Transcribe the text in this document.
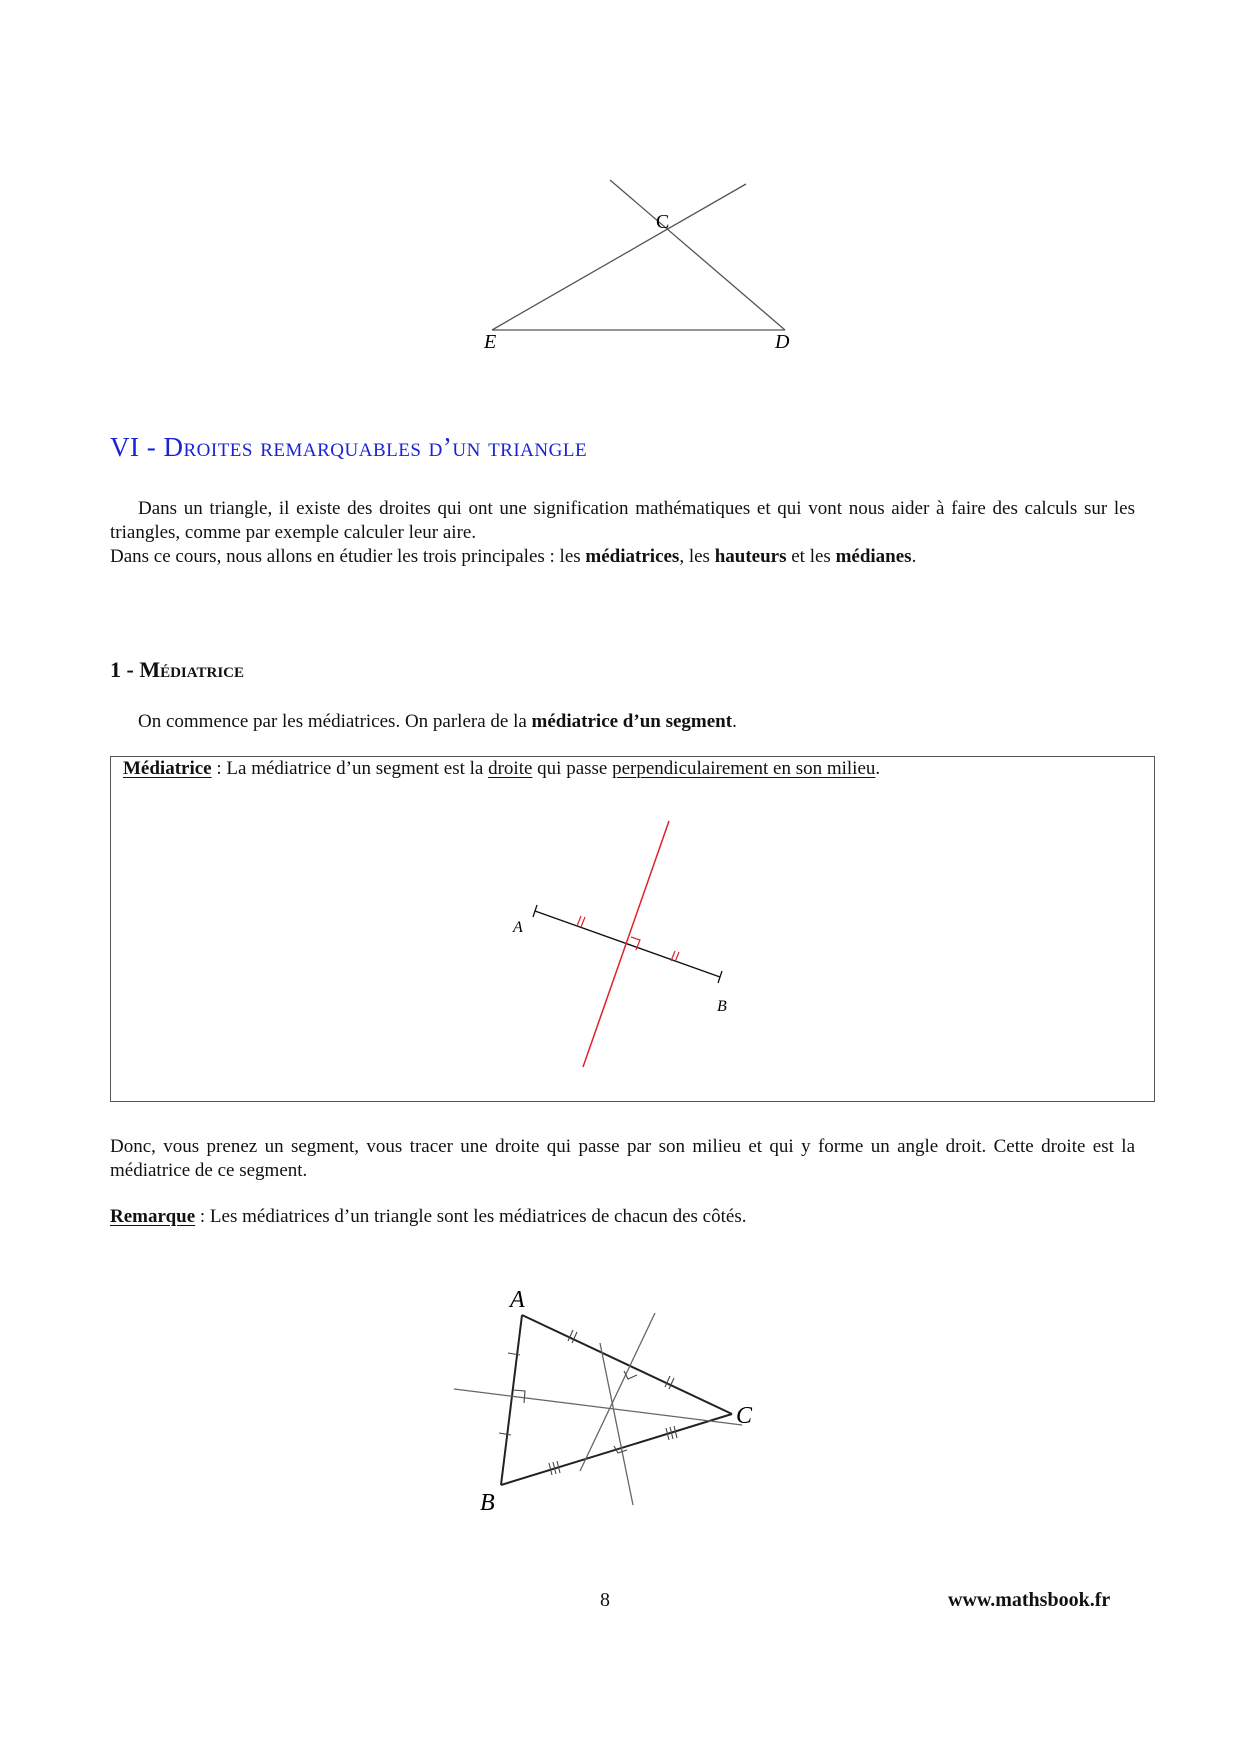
C
E	D
VI - Droites remarquables d’un triangle
Dans un triangle, il existe des droites qui ont une signification mathématiques et qui vont nous aider à faire des calculs sur les triangles, comme par exemple calculer leur aire.
Dans ce cours, nous allons en étudier les trois principales : les médiatrices, les hauteurs et les médianes.
1 - Médiatrice
On commence par les médiatrices. On parlera de la médiatrice d’un segment.
Médiatrice : La médiatrice d’un segment est la droite qui passe perpendiculairement en son milieu.
A
B
Donc, vous prenez un segment, vous tracer une droite qui passe par son milieu et qui y forme un angle droit. Cette droite est la médiatrice de ce segment.
Remarque : Les médiatrices d’un triangle sont les médiatrices de chacun des côtés.
A
B
C
8	www.mathsbook.fr
